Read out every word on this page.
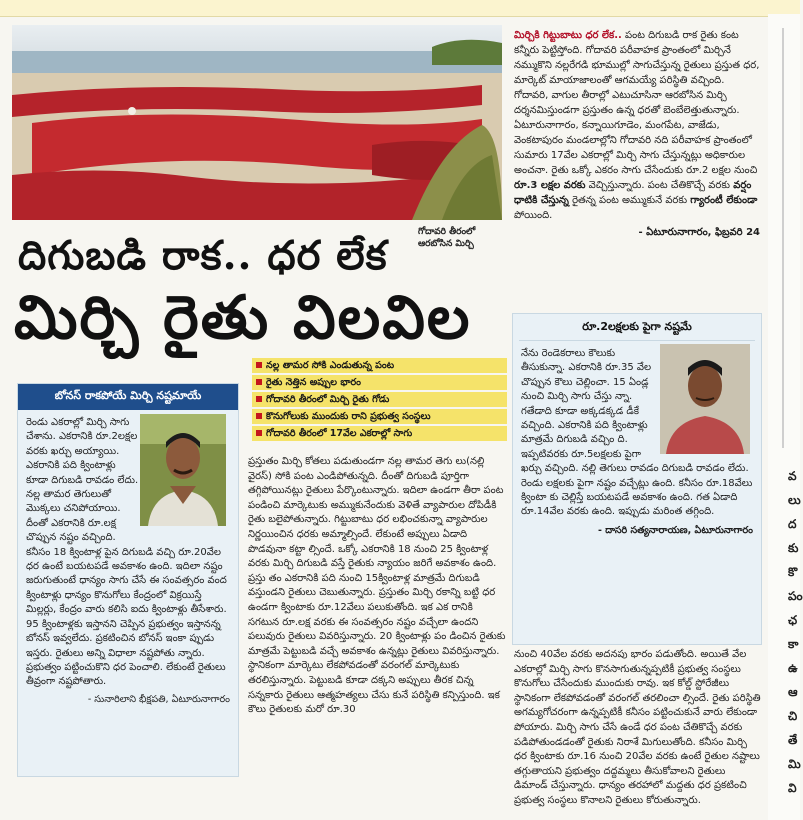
గోదావరి తీరంలో ఆరబోసిన మిర్చి
దిగుబడి రాక.. ధర లేక
మిర్చి రైతు విలవిల
మిర్చికి గిట్టుబాటు ధర లేక.. పంట దిగుబడి రాక రైతు కంట కన్నీరు పెట్టిస్తోంది. గోదావరి పరీవాహక ప్రాంతంలో మిర్చినే నమ్ముకొని నల్లరేగడి భూముల్లో సాగుచేస్తున్న రైతులు ప్రస్తుత ధర, మార్కెట్ మాయాజాలంతో ఆగమయ్యే పరిస్థితి వచ్చింది. గోదావరి, వాగుల తీరాల్లో ఎటుచూసినా ఆరబోసిన మిర్చి దర్శనమిస్తుండగా ప్రస్తుతం ఉన్న ధరతో బెంబేలెత్తుతున్నారు. ఏటూరునాగారం, కన్నాయిగూడెం, మంగపేట, వాజేడు, వెంకటాపురం మండలాల్లోని గోదావరి నది పరీవాహక ప్రాంతంలో సుమారు 17వేల ఎకరాల్లో మిర్చి సాగు చేస్తున్నట్లు అధికారుల అంచనా. రైతు ఒక్కో ఎకరం సాగు చేసేందుకు రూ.2 లక్షల నుంచి రూ.3 లక్షల వరకు వెచ్చిస్తున్నారు. పంట చేతికొచ్చే వరకు వర్షం ధాటికి చేస్తున్న రైతన్న పంట అమ్ముకునే వరకు గ్యారంటీ లేకుండా పోయింది.
- ఏటూరునాగారం, ఫిబ్రవరి 24
వ
లు
ద
కు
కొ
పం
ఛ
కా
ఉ
ఆ
చి
తే
మి
వి
నల్ల తామర సోకి ఎండుతున్న పంట
రైతు నెత్తిన అప్పుల భారం
గోదావరి తీరంలో మిర్చి రైతు గోడు
కొనుగోలుకు ముందుకు రాని ప్రభుత్వ సంస్థలు
గోదావరి తీరంలో 17వేల ఎకరాల్లో సాగు
బోనస్ రాకపోయే మిర్చి నష్టమాయే
రెండు ఎకరాల్లో మిర్చి సాగు చేశాను. ఎకరానికి రూ.2లక్షల వరకు ఖర్చు అయ్యాయి. ఎకరానికి పది క్వింటాళ్లు కూడా దిగుబడి రావడం లేదు. నల్ల తామర తెగులుతో మొక్కలు చనిపోయాయి. దీంతో ఎకరానికి రూ.లక్ష చొప్పున నష్టం వచ్చింది. కనీసం 18 క్వింటాళ్ల పైన దిగుబడి వచ్చి రూ.20వేల ధర ఉంటే బయటపడే అవకాశం ఉంది. ఇదిలా నష్టం జరుగుతుంటే ధాన్యం సాగు చేసే ఈ సంవత్సరం వంద క్వింటాళ్లు ధాన్యం కొనుగోలు కేంద్రంలో విక్రయిస్తే మిల్లర్లు, కేంద్రం వారు కలిసి ఐదు క్వింటాళ్లు తీసేశారు. 95 క్వింటాళ్లకు ఇస్తానని చెప్పిన ప్రభుత్వం ఇస్తానన్న బోనస్ ఇవ్వలేదు. ప్రకటించిన బోనస్ ఇంకా ప్పుడు ఇస్తరు. రైతులు అన్ని విధాలా నష్టపోతు న్నారు. ప్రభుత్వం పట్టించుకొని ధర పెంచాలి. లేకుంటే రైతులు తీవ్రంగా నష్టపోతారు.
- సునారిలాని భీక్షపతి, ఏటూరునాగారం

ప్రస్తుతం మిర్చి కోతలు పడుతుండగా నల్ల తామర తెగు లు(నల్లి వైరస్) సోకి పంట ఎండిపోతున్నది. దీంతో దిగుబడి పూర్తిగా తగ్గిపోయినట్లు రైతులు పేర్కొంటున్నారు. ఇదిలా ఉండగా తీరా పంట పండించి మార్కెటుకు అమ్ముకునేందుకు వెళితే వ్యాపారుల దోపిడీకి రైతు బలైపోతున్నారు. గిట్టుబాటు ధర లభించకున్నా వ్యాపారుల నిర్ణయించిన ధరకు అమ్మాల్సిందే. లేకుంటే అప్పులు ఏడాది పొడవునా కట్టా ల్సిందే. ఒక్కో ఎకరానికి 18 నుంచి 25 క్వింటాళ్ల వరకు మిర్చి దిగుబడి వస్తే రైతుకు న్యాయం జరిగే అవకాశం ఉంది. ప్రస్తు తం ఎకరానికి పది నుంచి 15క్వింటాళ్ల మాత్రమే దిగుబడి వస్తుండని రైతులు చెబుతున్నారు. ప్రస్తుతం మిర్చి రకాన్ని బట్టి ధర ఉండగా క్వింటాకు రూ.12వేలు పలుకుతోంది. ఇక ఎక రానికి సగటున రూ.లక్ష వరకు ఈ సంవత్సరం నష్టం వచ్చేలా ఉందని పలువురు రైతులు వివరిస్తున్నారు. 20 క్వింటాళ్లు పం డించిన రైతుకు మాత్రమే పెట్టుబడి వచ్చే అవకాశం ఉన్నట్లు రైతులు వివరిస్తున్నారు. స్థానికంగా మార్కెటు లేకపోవడంతో వరంగల్ మార్కెటుకు తరలిస్తున్నారు. పెట్టుబడి కూడా దక్కని అప్పులు తీరక చిన్న సన్నకారు రైతులు ఆత్మహత్యలు చేసు కునే పరిస్థితి కన్పిస్తుంది. ఇక కౌలు రైతులకు మరో రూ.30

రూ.2లక్షలకు పైగా నష్టమే
నేను రెండెకరాలు కౌలుకు తీసుకున్నా. ఎకరానికి రూ.35 వేల చొప్పున కౌలు చెల్లించా. 15 ఏండ్ల నుంచి మిర్చి సాగు చేస్తు న్నా. గతేడాది కూడా అక్కడక్కడ డీకే వచ్చింది. ఎకరానికి పది క్వింటాళ్లు మాత్రమే దిగుబడి వచ్చిం ది. ఇప్పటివరకు రూ.5లక్షలకు పైగా ఖర్చు వచ్చింది. నల్లి తెగులు రావడం దిగుబడి రావడం లేదు. రెండు లక్షలకు పైగా నష్టం వచ్చేట్లు ఉంది. కనీసం రూ.18వేలు క్వింటా కు చెల్లిస్తే బయటపడే అవకాశం ఉంది. గత ఏడాది రూ.14వేల వరకు ఉంది. ఇప్పుడు మరింత తగ్గింది.
- దాసరి సత్యనారాయణ, ఏటూరునాగారం

నుంచి 40వేల వరకు అదనపు భారం పడుతోంది. అయితే వేల ఎకరాల్లో మిర్చి సాగు కొనసాగుతున్నప్పటికీ ప్రభుత్వ సంస్థలు కొనుగోలు చేసేందుకు ముందుకు రావు. ఇక కోల్డ్ స్టోరేజీలు స్థానికంగా లేకపోవడంతో వరంగల్ తరలించా ల్సిందే. రైతు పరిస్థితి అగమ్యగోచరంగా ఉన్నప్పటికీ కనీసం పట్టించుకునే వారు లేకుండా పోయారు. మిర్చి సాగు చేసే ఉండే ధర పంట చేతికొచ్చే వరకు పడిపోతుండడంతో రైతుకు నిరాశే మిగులుతోంది. కనీసం మిర్చి ధర క్వింటాకు రూ.16 నుంచి 20వేల వరకు ఉంటే రైతుల నష్టాలు తగ్గుతాయని ప్రభుత్వం దద్దమ్మలు తీసుకోవాలని రైతులు డిమాండ్ చేస్తున్నారు. ధాన్యం తరహాలో మద్దతు ధర ప్రకటించి ప్రభుత్వ సంస్థలు కొనాలని రైతులు కోరుతున్నారు.
